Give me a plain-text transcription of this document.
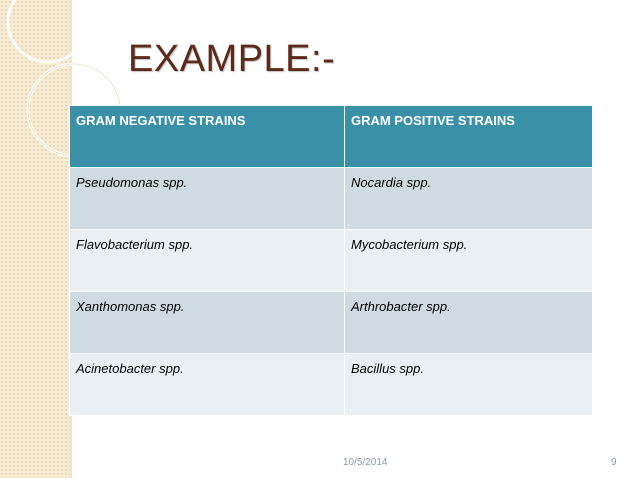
EXAMPLE:-
GRAM NEGATIVE STRAINS	GRAM POSITIVE STRAINS
Pseudomonas spp.	Nocardia spp.
Flavobacterium spp.	Mycobacterium spp.
Xanthomonas spp.	Arthrobacter spp.
Acinetobacter spp.	Bacillus spp.
10/5/2014	9
